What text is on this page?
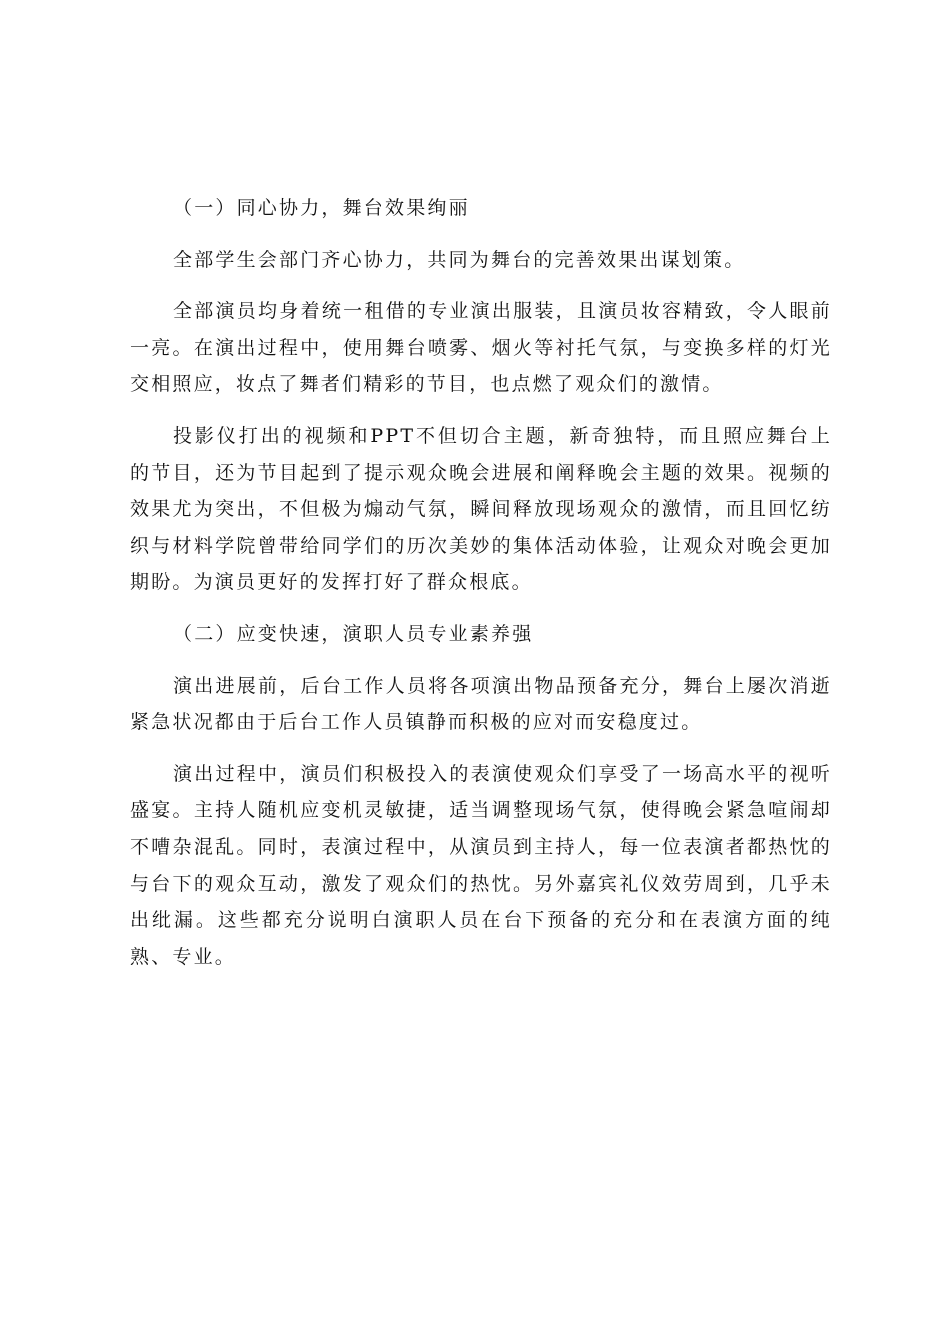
（一）同心协力，舞台效果绚丽

全部学生会部门齐心协力，共同为舞台的完善效果出谋划策。

全部演员均身着统一租借的专业演出服装，且演员妆容精致，令人眼前一亮。在演出过程中，使用舞台喷雾、烟火等衬托气氛，与变换多样的灯光交相照应，妆点了舞者们精彩的节目，也点燃了观众们的激情。

投影仪打出的视频和PPT不但切合主题，新奇独特，而且照应舞台上的节目，还为节目起到了提示观众晚会进展和阐释晚会主题的效果。视频的效果尤为突出，不但极为煽动气氛，瞬间释放现场观众的激情，而且回忆纺织与材料学院曾带给同学们的历次美妙的集体活动体验，让观众对晚会更加期盼。为演员更好的发挥打好了群众根底。

（二）应变快速，演职人员专业素养强

演出进展前，后台工作人员将各项演出物品预备充分，舞台上屡次消逝紧急状况都由于后台工作人员镇静而积极的应对而安稳度过。

演出过程中，演员们积极投入的表演使观众们享受了一场高水平的视听盛宴。主持人随机应变机灵敏捷，适当调整现场气氛，使得晚会紧急喧闹却不嘈杂混乱。同时，表演过程中，从演员到主持人，每一位表演者都热忱的与台下的观众互动，激发了观众们的热忱。另外嘉宾礼仪效劳周到，几乎未出纰漏。这些都充分说明白演职人员在台下预备的充分和在表演方面的纯熟、专业。
